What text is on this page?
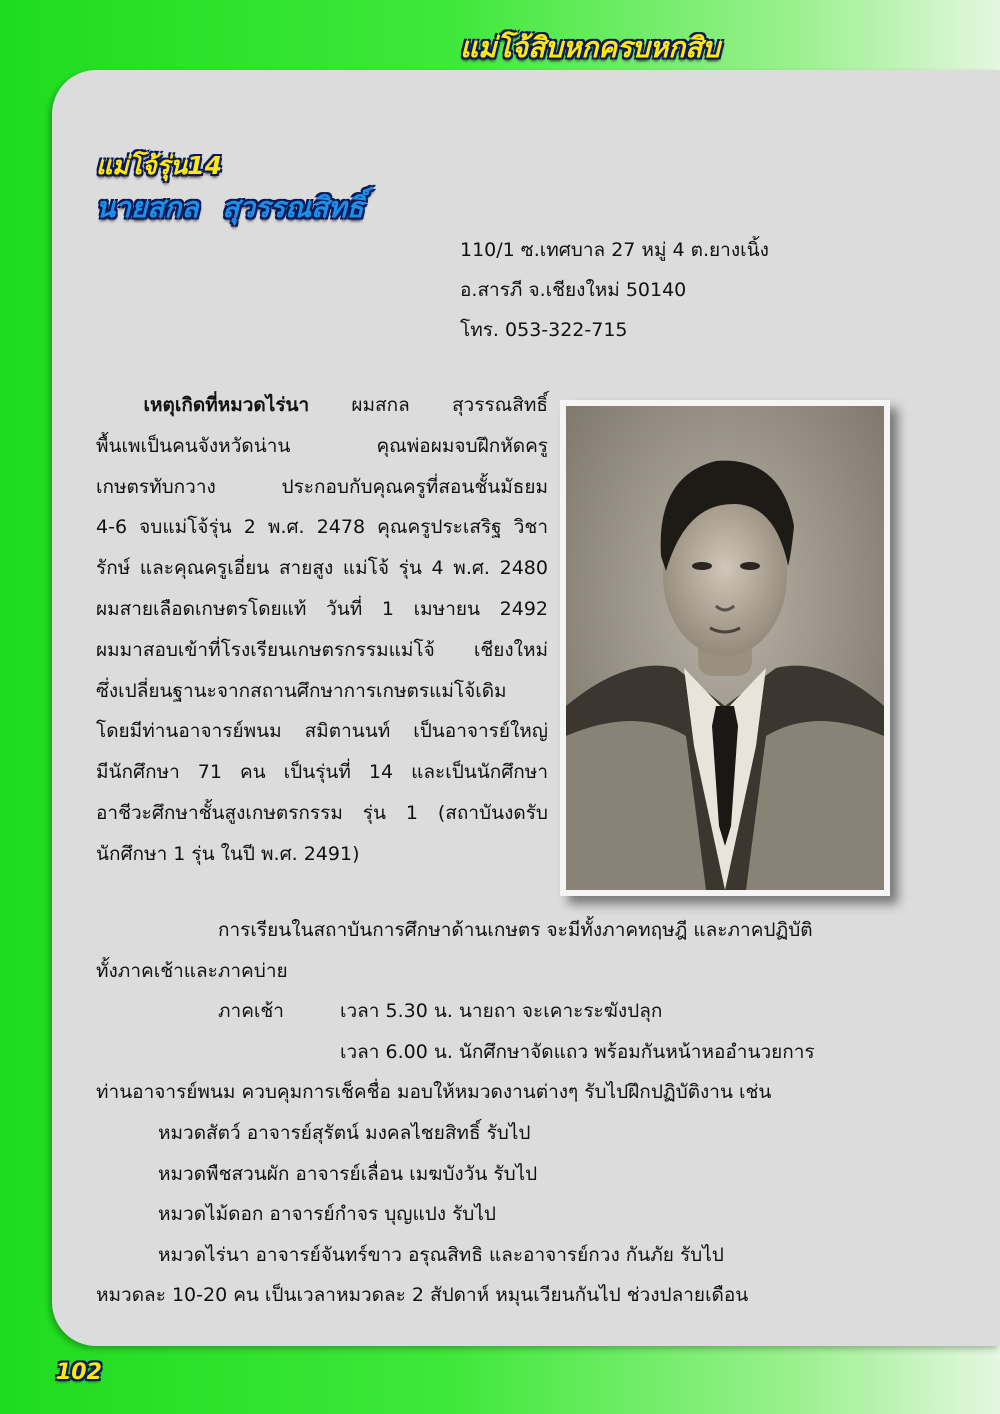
แม่โจ้สิบหกครบหกสิบ
แม่โจ้รุ่น14
นายสกล สุวรรณสิทธิ์
110/1 ซ.เทศบาล 27 หมู่ 4 ต.ยางเนิ้ง
อ.สารภี จ.เชียงใหม่ 50140
โทร. 053-322-715
   เหตุเกิดที่หมวดไร่นา ผมสกล สุวรรณสิทธิ์
พื้นเพเป็นคนจังหวัดน่าน คุณพ่อผมจบฝึกหัดครู
เกษตรทับกวาง ประกอบกับคุณครูที่สอนชั้นมัธยม
4-6 จบแม่โจ้รุ่น 2 พ.ศ. 2478 คุณครูประเสริฐ วิชา
รักษ์ และคุณครูเอี่ยน สายสูง แม่โจ้ รุ่น 4 พ.ศ. 2480
ผมสายเลือดเกษตรโดยแท้ วันที่ 1 เมษายน 2492
ผมมาสอบเข้าที่โรงเรียนเกษตรกรรมแม่โจ้ เชียงใหม่
ซึ่งเปลี่ยนฐานะจากสถานศึกษาการเกษตรแม่โจ้เดิม
โดยมีท่านอาจารย์พนม สมิตานนท์ เป็นอาจารย์ใหญ่
มีนักศึกษา 71 คน เป็นรุ่นที่ 14 และเป็นนักศึกษา
อาชีวะศึกษาชั้นสูงเกษตรกรรม รุ่น 1 (สถาบันงดรับ
นักศึกษา 1 รุ่น ในปี พ.ศ. 2491)
การเรียนในสถาบันการศึกษาด้านเกษตร จะมีทั้งภาคทฤษฎี และภาคปฏิบัติ
ทั้งภาคเช้าและภาคบ่าย
ภาคเช้า	เวลา 5.30 น. นายถา จะเคาะระฆังปลุก
เวลา 6.00 น. นักศึกษาจัดแถว พร้อมกันหน้าหออำนวยการ
ท่านอาจารย์พนม ควบคุมการเช็คชื่อ มอบให้หมวดงานต่างๆ รับไปฝึกปฏิบัติงาน เช่น
หมวดสัตว์ อาจารย์สุรัตน์ มงคลไชยสิทธิ์ รับไป
หมวดพืชสวนผัก อาจารย์เลื่อน เมฆบังวัน รับไป
หมวดไม้ดอก อาจารย์กำจร บุญแปง รับไป
หมวดไร่นา อาจารย์จันทร์ขาว อรุณสิทธิ และอาจารย์กวง กันภัย รับไป
หมวดละ 10-20 คน เป็นเวลาหมวดละ 2 สัปดาห์ หมุนเวียนกันไป ช่วงปลายเดือน
102
